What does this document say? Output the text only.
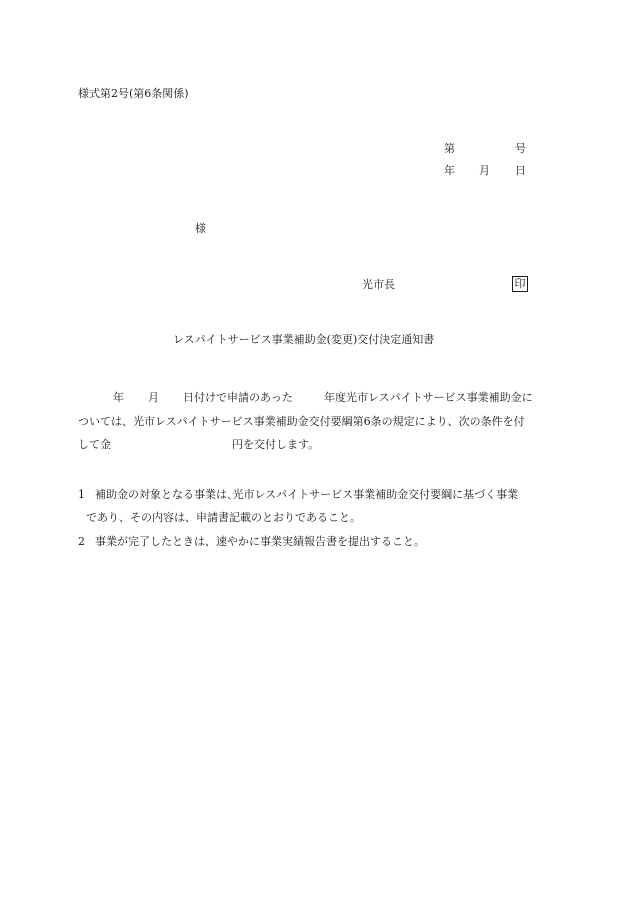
様式第2号(第6条関係)
第	号
年 月 日
様
光市長	印
レスパイトサービス事業補助金(変更)交付決定通知書
年 月 日付けで申請のあった	年度光市レスパイトサービス事業補助金に
ついては、光市レスパイトサービス事業補助金交付要綱第6条の規定により、次の条件を付
して金	円を交付します。
1 補助金の対象となる事業は､光市レスパイトサービス事業補助金交付要綱に基づく事業
であり、その内容は、申請書記載のとおりであること。
2 事業が完了したときは、速やかに事業実績報告書を提出すること。
